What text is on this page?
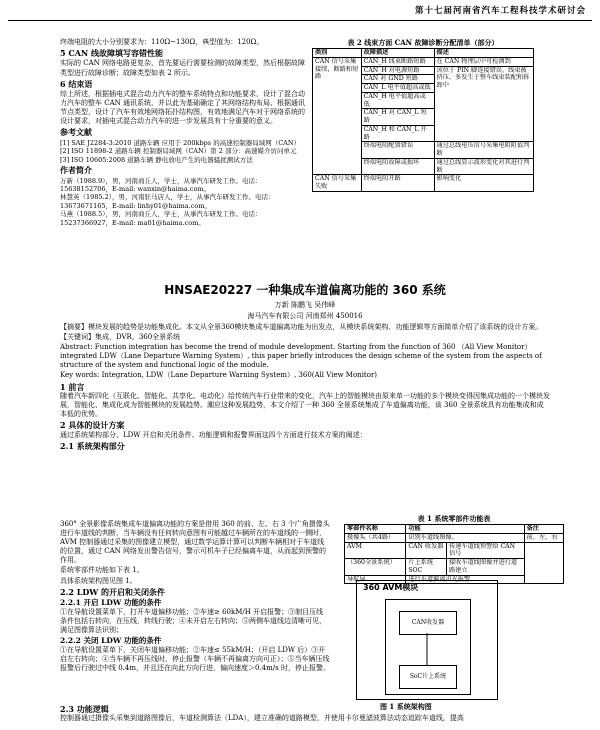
第十七届河南省汽车工程科技学术研讨会

终端电阻的大小分别要求为：110Ω~130Ω，典型值为：120Ω。

5 CAN 线故障填写容错性能

实际的 CAN 网络电路更复杂，首先要运行需要检测的故障类型，然后根据故障类型进行故障诊断；故障类型如表 2 所示。

6 结束语

综上所述，根据插电式混合动力汽车的整车系统特点和功能要求，设计了混合动力汽车的整车 CAN 通讯系统，并以此为基础确定了其网络结构布局、根据通讯节点类型，设计了汽车有效地网络拓扑结构图，有效地满足汽车对于网络系统的设计要求，对插电式混合动力汽车的进一步发展具有十分重要的意义。

参考文献

[1] SAE J2284-3:2010 道路车辆 应用于 200kbps 的高速控制器局域网（CAN）

[2] ISO 11898-2 道路车辆 控制器局域网（CAN）第 2 部分：高速媒介访问单元

[3] ISO 10605:2008 道路车辆 静电放电产生的电器骚扰测试方法

作者简介

万新（1988.9），男，河南商丘人，学士，从事汽车研发工作。电话：15638152706，E-mail: wanxin@haima.com。

林慧英（1985.2），男，河南驻马店人，学士，从事汽车研发工作。电话：13673671165，E-mail: linhy01@haima.com。

马燕（1988.5），男，河南商丘人，学士，从事汽车研发工作。电话：15237366927，E-mail: ma01@haima.com。

表 2 线束方面 CAN 故障诊断分配清单（部分）
类别	故障描述	描述
CAN 信号采集接续，断路和短路	CAN_H 线束断路短路	在 CAN 物理层中可检测到
	CAN_H 对电源短路	该位于 PIN 脚连接错误、线束被挤压、多发生于整车线束装配和拆卸中
	CAN 对 GND 短路	
	CAN_L 电平值超高或低	
	CAN_H 电平值超高或低	
	CAN_H 对 CAN_L 短路	
	CAN_H 和 CAN_L 开路	
	终端电阻配置错误	通过总线电压信号采集电阻阻值判断
	终端电阻故障或损坏	通过总线显示波形变化对其进行判断
CAN 信号采集失败	终端电阻开路	影响变化
HNSAE20227 一种集成车道偏离功能的 360 系统
万新 陈鹏飞 吴伟峰
海马汽车有限公司 河南郑州 450016

【摘要】模块发展的趋势是功能集成化。本文从全景360模块集成车道偏离功能为出发点，从模块系统架构、功能逻辑等方面简单介绍了该系统的设计方案。

【关键词】集成，DVR，360全景系统

Abstract: Function integration has become the trend of module development. Starting from the function of 360 （All View Monitor）integrated LDW（Lane Departure Warning System）, this paper briefly introduces the design scheme of the system from the aspects of structure of the system and functional logic of the module.

Key words: Integration, LDW（Lane Departure Warning System）, 360(All View Monitor)

1 前言

随着汽车新四化（互联化、智能化、共享化、电动化）给传统汽车行业带来的变化，汽车上的智能模块由原来单一功能的多个模块变得因集成功能的一个模块发展，智能化、集成化成为智能模块的发展趋势。潮应这种发展趋势，本文介绍了一种 360 全景系统集成了车道偏离功能，该 360 全景系统具有功能集成和成本低的优势。

2 具体的设计方案

通过系统架构部分、LDW 开启和关闭条件、功能逻辑和报警界面这四个方面进行技术方案的阐述：

2.1 系统架构部分

360° 全景影像系统集成车道偏离功能的方案是借用 360 的前、左、右 3 个广角摄像头进行车道线的判断，当车辆没有任何转向意图有可能越过车辆所在的车道线的一侧时，AVM 控制器通过采集的图像建立模型，通过数学运算计算可以判断车辆相对于车道线的位置，通过 CAN 网络发出警告信号，警示可机车子已经偏离车道，从而起到预警的作用。

系统零部件功能如下表 1。

具体系统架构图见图 1。

2.2 LDW 的开启和关闭条件
2.2.1 开启 LDW 功能的条件

①在导航设置菜单下，打开车道偏移功能；②车速≥ 60kM/H 开启报警；③制目压线条件包括右转向，在压线，转线行驶；④未开启左右转向；⑤两侧车道线边清晰可见，满足图像算法识别；

2.2.2 关闭 LDW 功能的条件

①在导航设置菜单下，关闭车道偏移功能；②车速≤ 55kM/H；（开启 LDW 后）③开启左右转向；④当车辆不再压线时，停止报警（车辆不再偏离方向可正）；⑤当车辆压线报警后行驶过中线 0.4m，并且还在向此方向行进，偏向速度＞0.4m/s 时，停止报警。

表 1 系统零部件功能表
零部件名称	功能		备注
摄像头（共4路）	识别车道线图像。		前、左、右
AVM	CAN 收发器	传递车道线预警给 CAN 信号	
（360全景系统）	片上系统 SOC	接收车道线图像并进行道路建立	
导航屏	进行车道偏离声光报警		
360 AVM模块
CAN收发器
SoC片上系统
图 1 系统架构图
2.3 功能逻辑

控制器通过摄像头采集到道路图像后，车道检测算法（LDA），建立准确的道路模型，并使用卡尔曼滤波算法动态追踪车道线，提高
